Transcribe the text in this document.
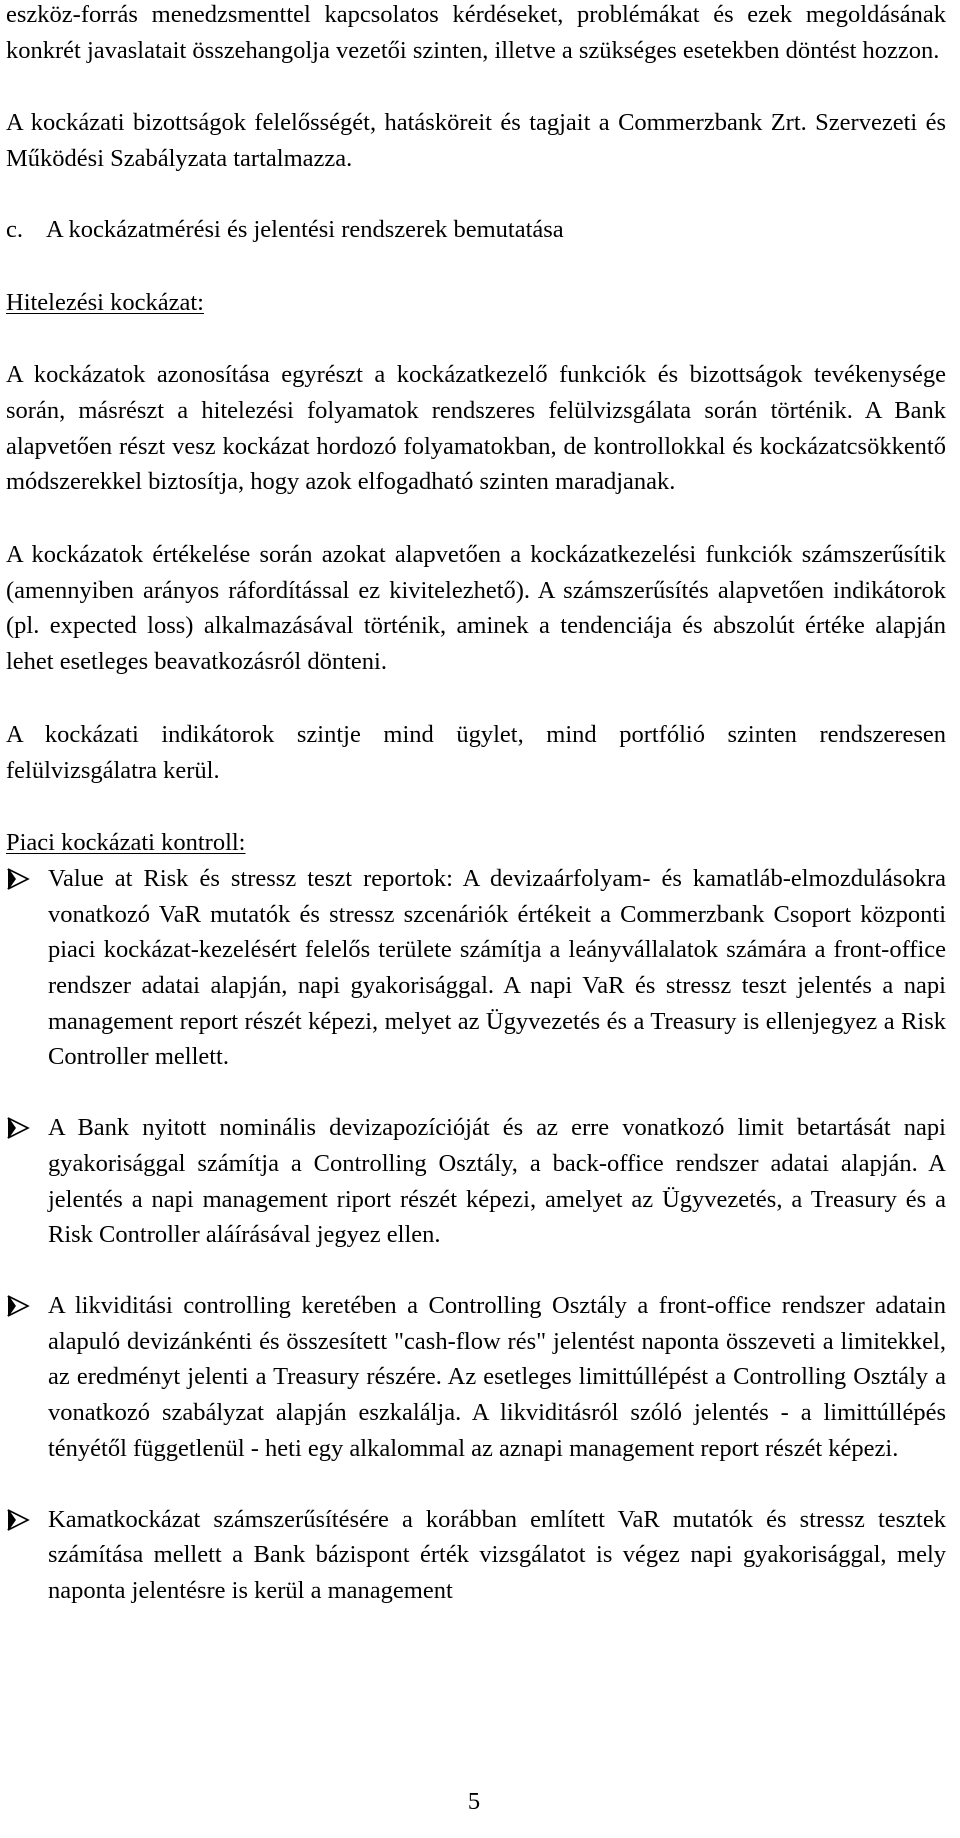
eszköz-forrás menedzsmenttel kapcsolatos kérdéseket, problémákat és ezek megoldásának konkrét javaslatait összehangolja vezetői szinten, illetve a szükséges esetekben döntést hozzon.

A kockázati bizottságok felelősségét, hatásköreit és tagjait a Commerzbank Zrt. Szervezeti és Működési Szabályzata tartalmazza.

c. A kockázatmérési és jelentési rendszerek bemutatása

Hitelezési kockázat:

A kockázatok azonosítása egyrészt a kockázatkezelő funkciók és bizottságok tevékenysége során, másrészt a hitelezési folyamatok rendszeres felülvizsgálata során történik. A Bank alapvetően részt vesz kockázat hordozó folyamatokban, de kontrollokkal és kockázatcsökkentő módszerekkel biztosítja, hogy azok elfogadható szinten maradjanak.

A kockázatok értékelése során azokat alapvetően a kockázatkezelési funkciók számszerűsítik (amennyiben arányos ráfordítással ez kivitelezhető). A számszerűsítés alapvetően indikátorok (pl. expected loss) alkalmazásával történik, aminek a tendenciája és abszolút értéke alapján lehet esetleges beavatkozásról dönteni.

A kockázati indikátorok szintje mind ügylet, mind portfólió szinten rendszeresen felülvizsgálatra kerül.

Piaci kockázati kontroll:

Value at Risk és stressz teszt reportok: A devizaárfolyam- és kamatláb-elmozdulásokra vonatkozó VaR mutatók és stressz szcenáriók értékeit a Commerzbank Csoport központi piaci kockázat-kezelésért felelős területe számítja a leányvállalatok számára a front-office rendszer adatai alapján, napi gyakorisággal. A napi VaR és stressz teszt jelentés a napi management report részét képezi, melyet az Ügyvezetés és a Treasury is ellenjegyez a Risk Controller mellett.

A Bank nyitott nominális devizapozícióját és az erre vonatkozó limit betartását napi gyakorisággal számítja a Controlling Osztály, a back-office rendszer adatai alapján. A jelentés a napi management riport részét képezi, amelyet az Ügyvezetés, a Treasury és a Risk Controller aláírásával jegyez ellen.

A likviditási controlling keretében a Controlling Osztály a front-office rendszer adatain alapuló devizánkénti és összesített "cash-flow rés" jelentést naponta összeveti a limitekkel, az eredményt jelenti a Treasury részére. Az esetleges limittúllépést a Controlling Osztály a vonatkozó szabályzat alapján eszkalálja. A likviditásról szóló jelentés - a limittúllépés tényétől függetlenül - heti egy alkalommal az aznapi management report részét képezi.

Kamatkockázat számszerűsítésére a korábban említett VaR mutatók és stressz tesztek számítása mellett a Bank bázispont érték vizsgálatot is végez napi gyakorisággal, mely naponta jelentésre is kerül a management

5
